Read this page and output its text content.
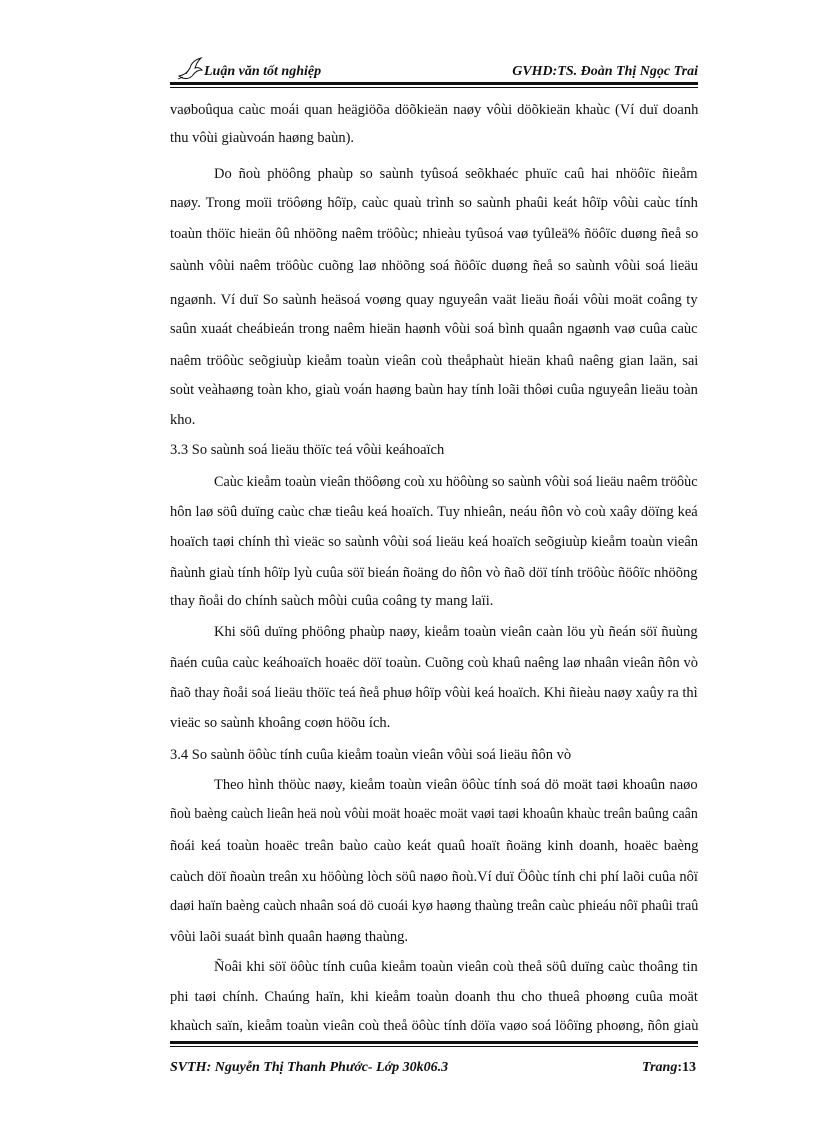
Luận văn tốt nghiệp	GVHD:TS. Đoàn Thị Ngọc Trai
vaøboûqua caùc moái quan heägiöõa döõkieän naøy vôùi döõkieän khaùc (Ví duï doanh
thu vôùi giaùvoán haøng baùn).
Do ñoù phöông phaùp so saùnh tyûsoá seõkhaéc phuïc caû hai nhöôïc ñieåm
naøy. Trong moïi tröôøng hôïp, caùc quaù trình so saùnh phaûi keát hôïp vôùi caùc tính
toaùn thöïc hieän ôû nhöõng naêm tröôùc; nhieàu tyûsoá vaø tyûleä% ñöôïc duøng ñeå so
saùnh vôùi naêm tröôùc cuõng laø nhöõng soá ñöôïc duøng ñeå so saùnh vôùi soá lieäu
ngaønh. Ví duï So saùnh heäsoá voøng quay nguyeân vaät lieäu ñoái vôùi moät coâng ty
saûn xuaát cheábieán trong naêm hieän haønh vôùi soá bình quaân ngaønh vaø cuûa caùc
naêm tröôùc seõgiuùp kieåm toaùn vieân coù theåphaùt hieän khaû naêng gian laän, sai
soùt veàhaøng toàn kho, giaù voán haøng baùn hay tính loãi thôøi cuûa nguyeân lieäu toàn
kho.
3.3 So saùnh soá lieäu thöïc teá vôùi keáhoaïch
Caùc kieåm toaùn vieân thöôøng coù xu höôùng so saùnh vôùi soá lieäu naêm tröôùc
hôn laø söû duïng caùc chæ tieâu keá hoaïch. Tuy nhieân, neáu ñôn vò coù xaây döïng keá
hoaïch taøi chính thì vieäc so saùnh vôùi soá lieäu keá hoaïch seõgiuùp kieåm toaùn vieân
ñaùnh giaù tính hôïp lyù cuûa söï bieán ñoäng do ñôn vò ñaõ döï tính tröôùc ñöôïc nhöõng
thay ñoåi do chính saùch môùi cuûa coâng ty mang laïi.
Khi söû duïng phöông phaùp naøy, kieåm toaùn vieân caàn löu yù ñeán söï ñuùng
ñaén cuûa caùc keáhoaïch hoaëc döï toaùn. Cuõng coù khaû naêng laø nhaân vieân ñôn vò
ñaõ thay ñoåi soá lieäu thöïc teá ñeå phuø hôïp vôùi keá hoaïch. Khi ñieàu naøy xaûy ra thì
vieäc so saùnh khoâng coøn höõu ích.
3.4 So saùnh öôùc tính cuûa kieåm toaùn vieân vôùi soá lieäu ñôn vò
Theo hình thöùc naøy, kieåm toaùn vieân öôùc tính soá dö moät taøi khoaûn naøo
ñoù baèng caùch lieân heä noù vôùi moät hoaëc moät vaøi taøi khoaûn khaùc treân baûng caân
ñoái keá toaùn hoaëc treân baùo caùo keát quaû hoaït ñoäng kinh doanh, hoaëc baèng
caùch döï ñoaùn treân xu höôùng lòch söû naøo ñoù.Ví duï Öôùc tính chi phí laõi cuûa nôï
daøi haïn baèng caùch nhaân soá dö cuoái kyø haøng thaùng treân caùc phieáu nôï phaûi traû
vôùi laõi suaát bình quaân haøng thaùng.
Ñoâi khi söï öôùc tính cuûa kieåm toaùn vieân coù theå söû duïng caùc thoâng tin
phi taøi chính. Chaúng haïn, khi kieåm toaùn doanh thu cho thueâ phoøng cuûa moät
khaùch saïn, kieåm toaùn vieân coù theå öôùc tính döïa vaøo soá löôïng phoøng, ñôn giaù
SVTH: Nguyễn Thị Thanh Phước- Lớp 30k06.3	Trang:13
